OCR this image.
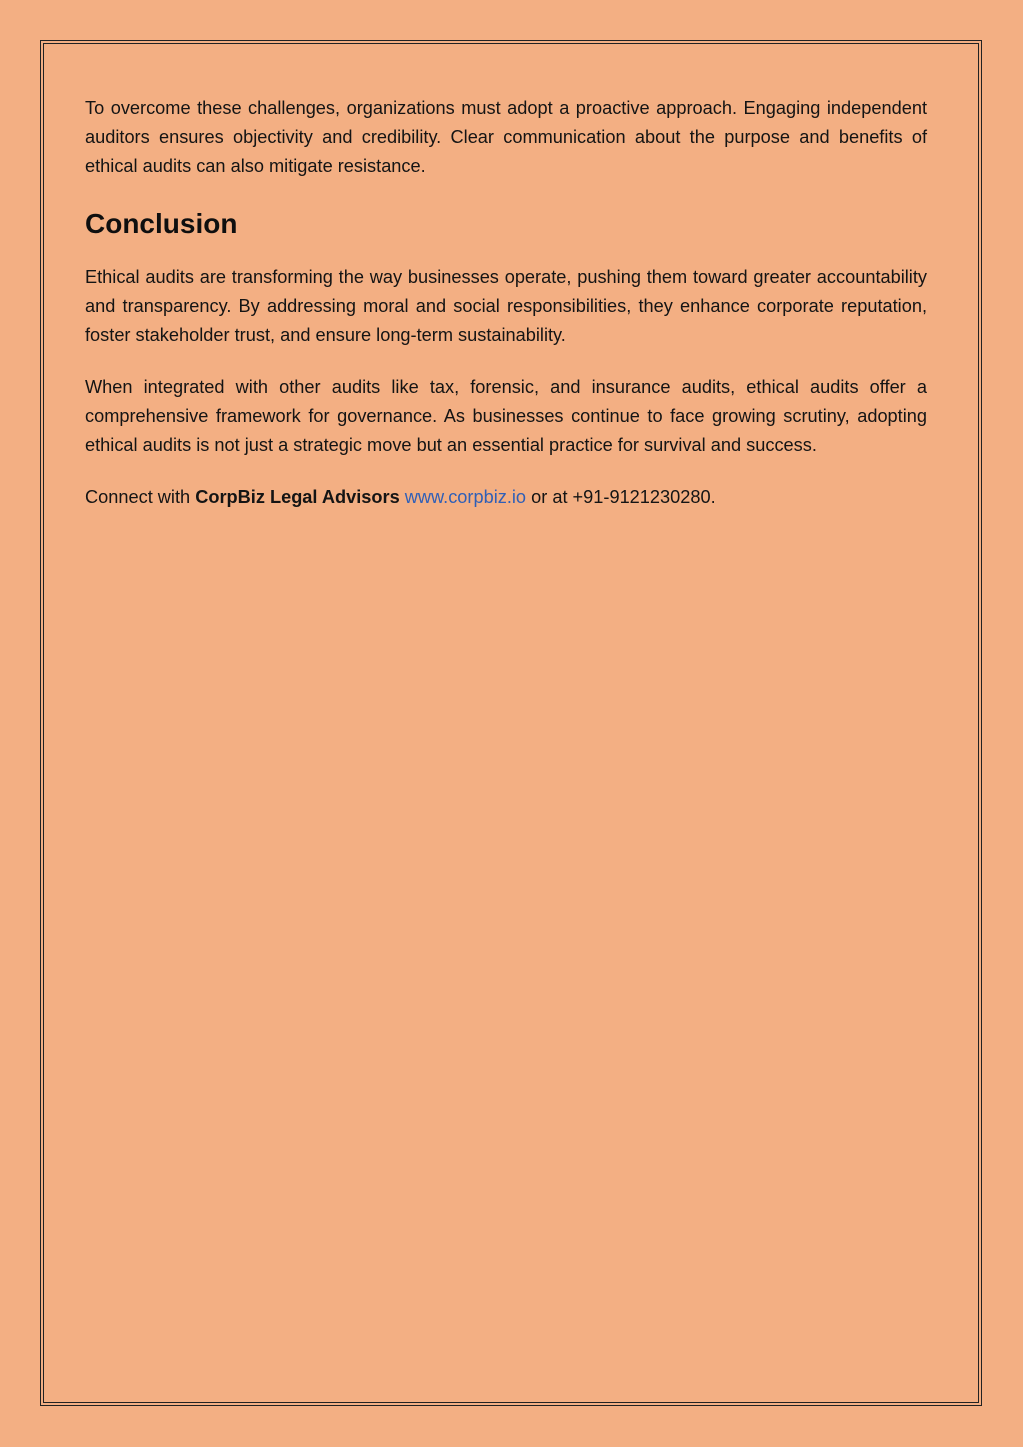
To overcome these challenges, organizations must adopt a proactive approach. Engaging independent auditors ensures objectivity and credibility. Clear communication about the purpose and benefits of ethical audits can also mitigate resistance.

Conclusion

Ethical audits are transforming the way businesses operate, pushing them toward greater accountability and transparency. By addressing moral and social responsibilities, they enhance corporate reputation, foster stakeholder trust, and ensure long-term sustainability.

When integrated with other audits like tax, forensic, and insurance audits, ethical audits offer a comprehensive framework for governance. As businesses continue to face growing scrutiny, adopting ethical audits is not just a strategic move but an essential practice for survival and success.

Connect with CorpBiz Legal Advisors www.corpbiz.io or at +91-9121230280.
